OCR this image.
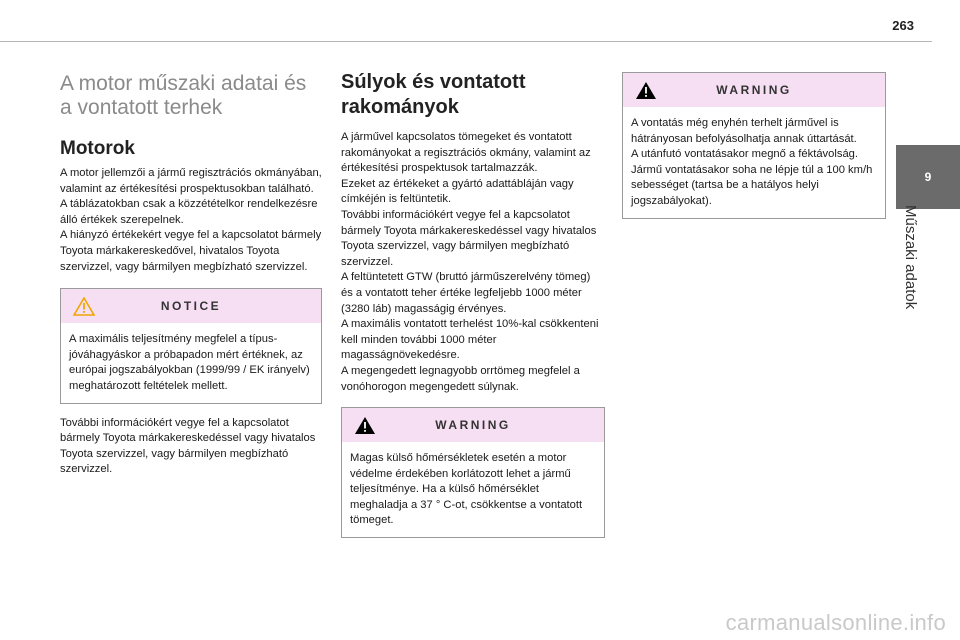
263
9
Műszaki adatok
A motor műszaki adatai és a vontatott terhek
Motorok

A motor jellemzői a jármű regisztrációs okmányában, valamint az értékesítési prospektusokban található.
A táblázatokban csak a közzétételkor rendelkezésre álló értékek szerepelnek.
A hiányzó értékekért vegye fel a kapcsolatot bármely Toyota márkakereskedővel, hivatalos Toyota szervizzel, vagy bármilyen megbízható szervizzel.

NOTICE
A maximális teljesítmény megfelel a típus-jóváhagyáskor a próbapadon mért értéknek, az európai jogszabályokban (1999/99 / EK irányelv) meghatározott feltételek mellett.

További információkért vegye fel a kapcsolatot bármely Toyota márkakereskedéssel vagy hivatalos Toyota szervizzel, vagy bármilyen megbízható szervizzel.

Súlyok és vontatott rakományok

A járművel kapcsolatos tömegeket és vontatott rakományokat a regisztrációs okmány, valamint az értékesítési prospektusok tartalmazzák.
Ezeket az értékeket a gyártó adattábláján vagy címkéjén is feltüntetik.
További információkért vegye fel a kapcsolatot bármely Toyota márkakereskedéssel vagy hivatalos Toyota szervizzel, vagy bármilyen megbízható szervizzel.
A feltüntetett GTW (bruttó járműszerelvény tömeg) és a vontatott teher értéke legfeljebb 1000 méter (3280 láb) magasságig érvényes.
A maximális vontatott terhelést 10%-kal csökkenteni kell minden további 1000 méter magasságnövekedésre.
A megengedett legnagyobb orrtömeg megfelel a vonóhorogon megengedett súlynak.

WARNING
Magas külső hőmérsékletek esetén a motor védelme érdekében korlátozott lehet a jármű teljesítménye. Ha a külső hőmérséklet meghaladja a 37 ° C-ot, csökkentse a vontatott tömeget.
WARNING
A vontatás még enyhén terhelt járművel is hátrányosan befolyásolhatja annak úttartását.
A utánfutó vontatásakor megnő a féktávolság.
Jármű vontatásakor soha ne lépje túl a 100 km/h sebességet (tartsa be a hatályos helyi jogszabályokat).
carmanualsonline.info
